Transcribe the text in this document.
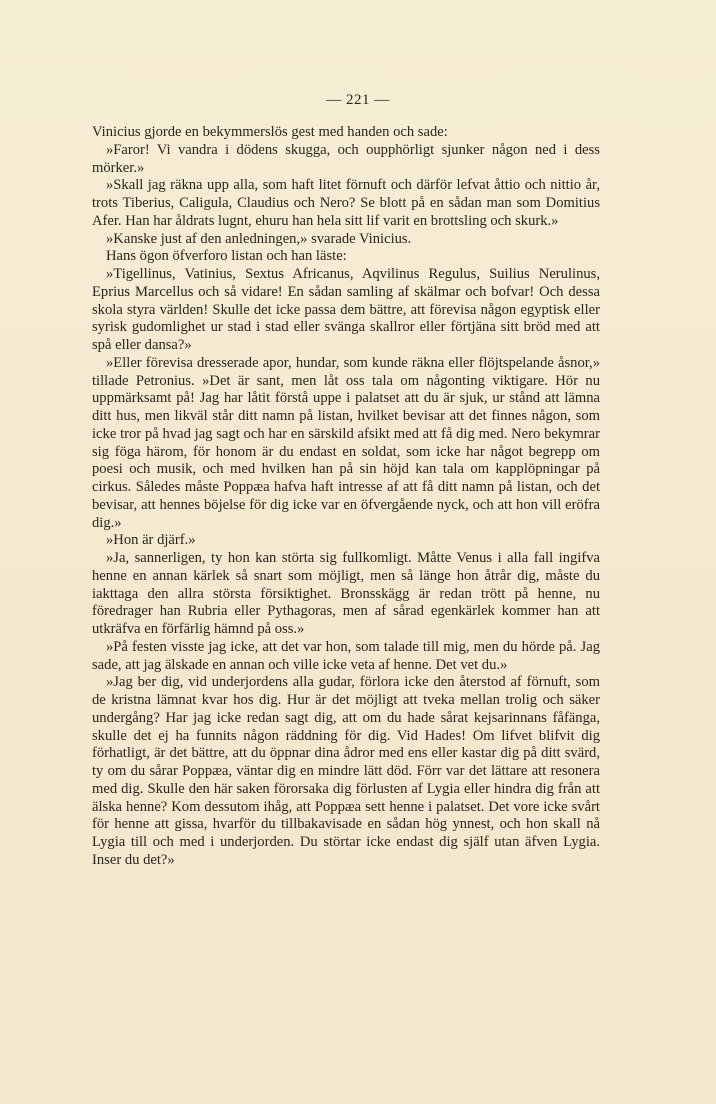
— 221 —

Vinicius gjorde en bekymmerslös gest med handen och sade:

»Faror! Vi vandra i dödens skugga, och oupphörligt sjunker någon ned i dess mörker.»

»Skall jag räkna upp alla, som haft litet förnuft och därför lefvat åttio och nittio år, trots Tiberius, Caligula, Claudius och Nero? Se blott på en sådan man som Domitius Afer. Han har åldrats lugnt, ehuru han hela sitt lif varit en brottsling och skurk.»

»Kanske just af den anledningen,» svarade Vinicius.

Hans ögon öfverforo listan och han läste:

»Tigellinus, Vatinius, Sextus Africanus, Aqvilinus Regulus, Suilius Nerulinus, Eprius Marcellus och så vidare! En sådan samling af skälmar och bofvar! Och dessa skola styra världen! Skulle det icke passa dem bättre, att förevisa någon egyptisk eller syrisk gudomlighet ur stad i stad eller svänga skallror eller förtjäna sitt bröd med att spå eller dansa?»

»Eller förevisa dresserade apor, hundar, som kunde räkna eller flöjtspelande åsnor,» tillade Petronius. »Det är sant, men låt oss tala om någonting viktigare. Hör nu uppmärksamt på! Jag har låtit förstå uppe i palatset att du är sjuk, ur stånd att lämna ditt hus, men likväl står ditt namn på listan, hvilket bevisar att det finnes någon, som icke tror på hvad jag sagt och har en särskild afsikt med att få dig med. Nero bekymrar sig föga härom, för honom är du endast en soldat, som icke har något begrepp om poesi och musik, och med hvilken han på sin höjd kan tala om kapplöpningar på cirkus. Således måste Poppæa hafva haft intresse af att få ditt namn på listan, och det bevisar, att hennes böjelse för dig icke var en öfvergående nyck, och att hon vill eröfra dig.»

»Hon är djärf.»

»Ja, sannerligen, ty hon kan störta sig fullkomligt. Måtte Venus i alla fall ingifva henne en annan kärlek så snart som möjligt, men så länge hon åtrår dig, måste du iakttaga den allra största försiktighet. Bronsskägg är redan trött på henne, nu föredrager han Rubria eller Pythagoras, men af sårad egenkärlek kommer han att utkräfva en förfärlig hämnd på oss.»

»På festen visste jag icke, att det var hon, som talade till mig, men du hörde på. Jag sade, att jag älskade en annan och ville icke veta af henne. Det vet du.»

»Jag ber dig, vid underjordens alla gudar, förlora icke den återstod af förnuft, som de kristna lämnat kvar hos dig. Hur är det möjligt att tveka mellan trolig och säker undergång? Har jag icke redan sagt dig, att om du hade sårat kejsarinnans fåfänga, skulle det ej ha funnits någon räddning för dig. Vid Hades! Om lifvet blifvit dig förhatligt, är det bättre, att du öppnar dina ådror med ens eller kastar dig på ditt svärd, ty om du sårar Poppæa, väntar dig en mindre lätt död. Förr var det lättare att resonera med dig. Skulle den här saken förorsaka dig förlusten af Lygia eller hindra dig från att älska henne? Kom dessutom ihåg, att Poppæa sett henne i palatset. Det vore icke svårt för henne att gissa, hvarför du tillbakavisade en sådan hög ynnest, och hon skall nå Lygia till och med i underjorden. Du störtar icke endast dig själf utan äfven Lygia. Inser du det?»
